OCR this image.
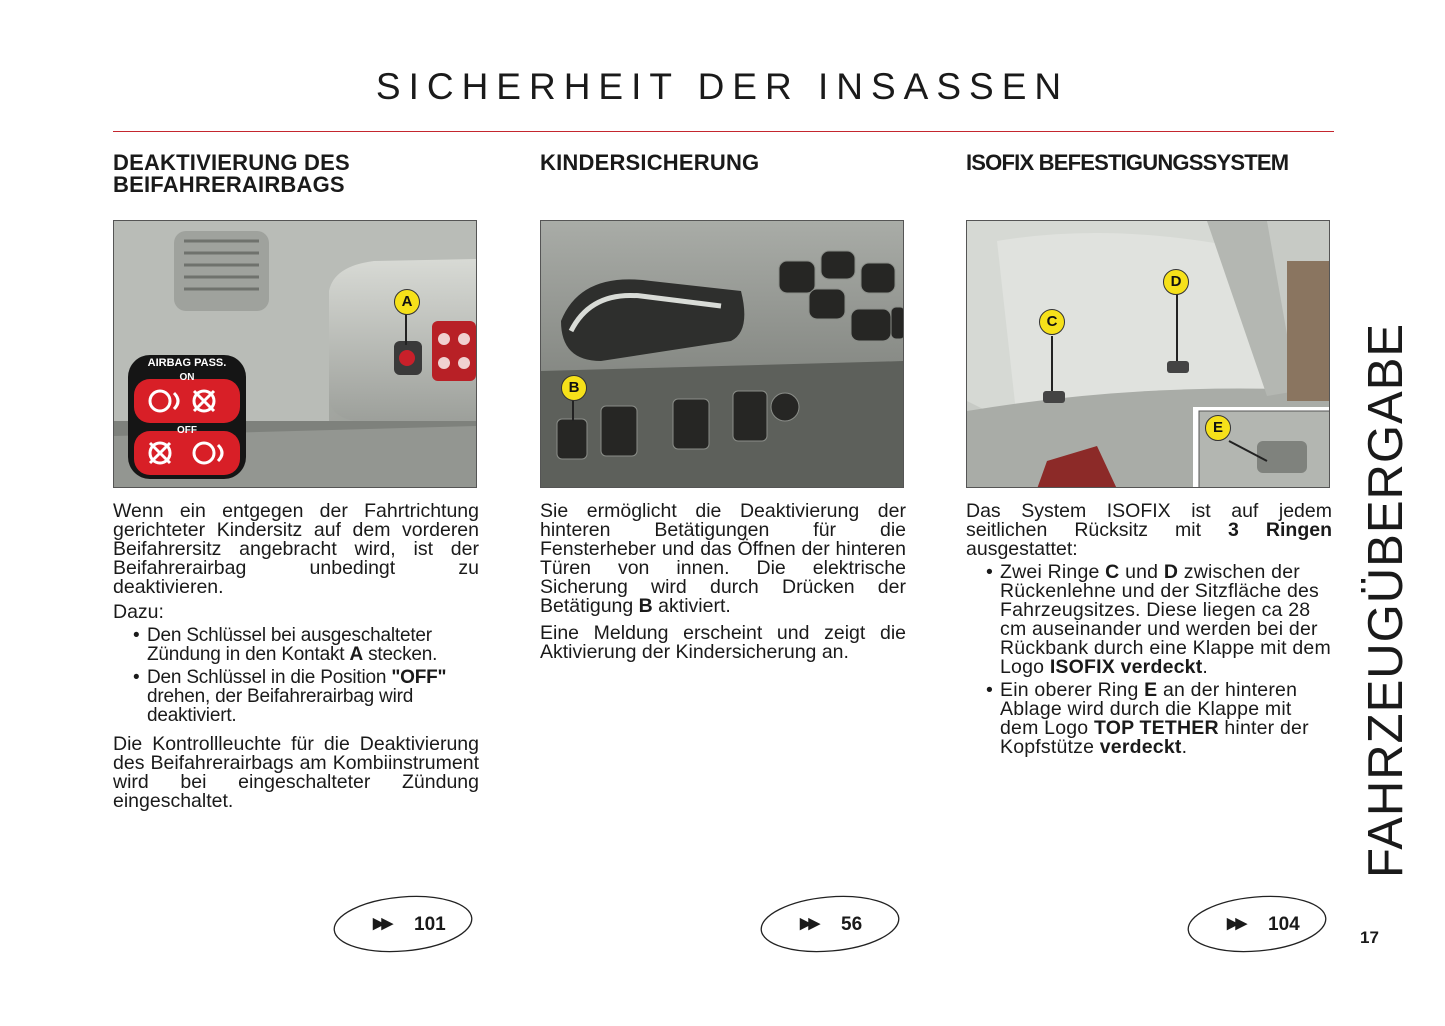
SICHERHEIT DER INSASSEN
DEAKTIVIERUNG DES
BEIFAHRERAIRBAGS
AIRBAG PASS.
ON
OFF
A

Wenn ein entgegen der Fahrtrichtung gerichteter Kindersitz auf dem vorderen Beifahrersitz angebracht wird, ist der Beifahrerairbag unbedingt zu deaktivieren.

Dazu:

• Den Schlüssel bei ausgeschalteter Zündung in den Kontakt A stecken.
• Den Schlüssel in die Position "OFF" drehen, der Beifahrerairbag wird deaktiviert.

Die Kontrollleuchte für die Deaktivierung des Beifahrerairbags am Kombiinstrument wird bei eingeschalteter Zündung eingeschaltet.

KINDERSICHERUNG
B

Sie ermöglicht die Deaktivierung der hinteren Betätigungen für die Fensterheber und das Öffnen der hinteren Türen von innen. Die elektrische Sicherung wird durch Drücken der Betätigung B aktiviert.

Eine Meldung erscheint und zeigt die Aktivierung der Kindersicherung an.

ISOFIX BEFESTIGUNGSSYSTEM
D
C
E

Das System ISOFIX ist auf jedem seitlichen Rücksitz mit 3 Ringen ausgestattet:

• Zwei Ringe C und D zwischen der Rückenlehne und der Sitzfläche des Fahrzeugsitzes. Diese liegen ca 28 cm auseinander und werden bei der Rückbank durch eine Klappe mit dem Logo ISOFIX verdeckt.
• Ein oberer Ring E an der hinteren Ablage wird durch die Klappe mit dem Logo TOP TETHER hinter der Kopfstütze verdeckt.
▶▶ 101	▶▶ 56	▶▶ 104
FAHRZEUGÜBERGABE
17
